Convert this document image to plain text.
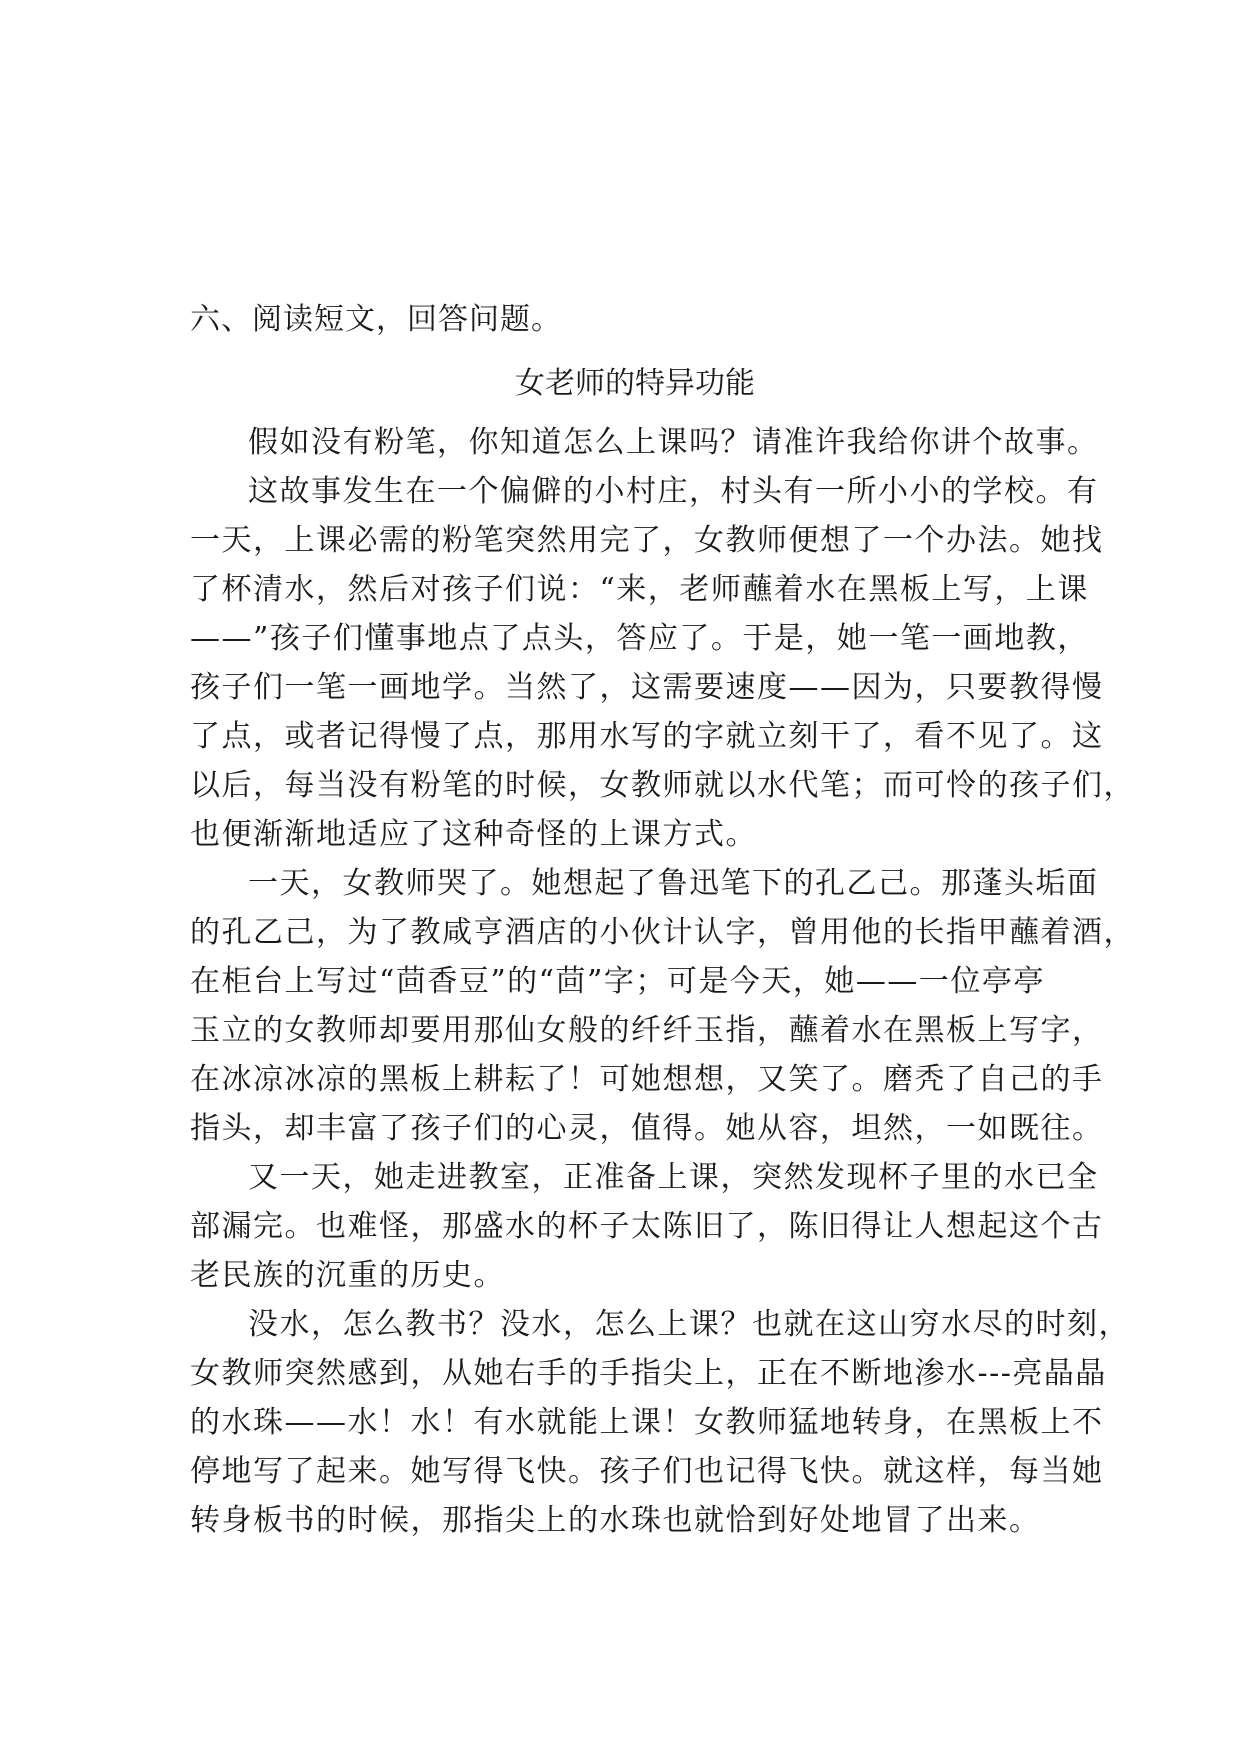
六、阅读短文，回答问题。
女老师的特异功能
假如没有粉笔，你知道怎么上课吗？请准许我给你讲个故事。
这故事发生在一个偏僻的小村庄，村头有一所小小的学校。有
一天，上课必需的粉笔突然用完了，女教师便想了一个办法。她找
了杯清水，然后对孩子们说：“来，老师蘸着水在黑板上写，上课
——”孩子们懂事地点了点头，答应了。于是，她一笔一画地教，
孩子们一笔一画地学。当然了，这需要速度——因为，只要教得慢
了点，或者记得慢了点，那用水写的字就立刻干了，看不见了。这
以后，每当没有粉笔的时候，女教师就以水代笔；而可怜的孩子们，
也便渐渐地适应了这种奇怪的上课方式。
一天，女教师哭了。她想起了鲁迅笔下的孔乙己。那蓬头垢面
的孔乙己，为了教咸亨酒店的小伙计认字，曾用他的长指甲蘸着酒，
在柜台上写过“茴香豆”的“茴”字；可是今天，她——一位亭亭
玉立的女教师却要用那仙女般的纤纤玉指，蘸着水在黑板上写字，
在冰凉冰凉的黑板上耕耘了！可她想想，又笑了。磨秃了自己的手
指头，却丰富了孩子们的心灵，值得。她从容，坦然，一如既往。
又一天，她走进教室，正准备上课，突然发现杯子里的水已全
部漏完。也难怪，那盛水的杯子太陈旧了，陈旧得让人想起这个古
老民族的沉重的历史。
没水，怎么教书？没水，怎么上课？也就在这山穷水尽的时刻，
女教师突然感到，从她右手的手指尖上，正在不断地渗水---亮晶晶
的水珠——水！水！有水就能上课！女教师猛地转身，在黑板上不
停地写了起来。她写得飞快。孩子们也记得飞快。就这样，每当她
转身板书的时候，那指尖上的水珠也就恰到好处地冒了出来。
